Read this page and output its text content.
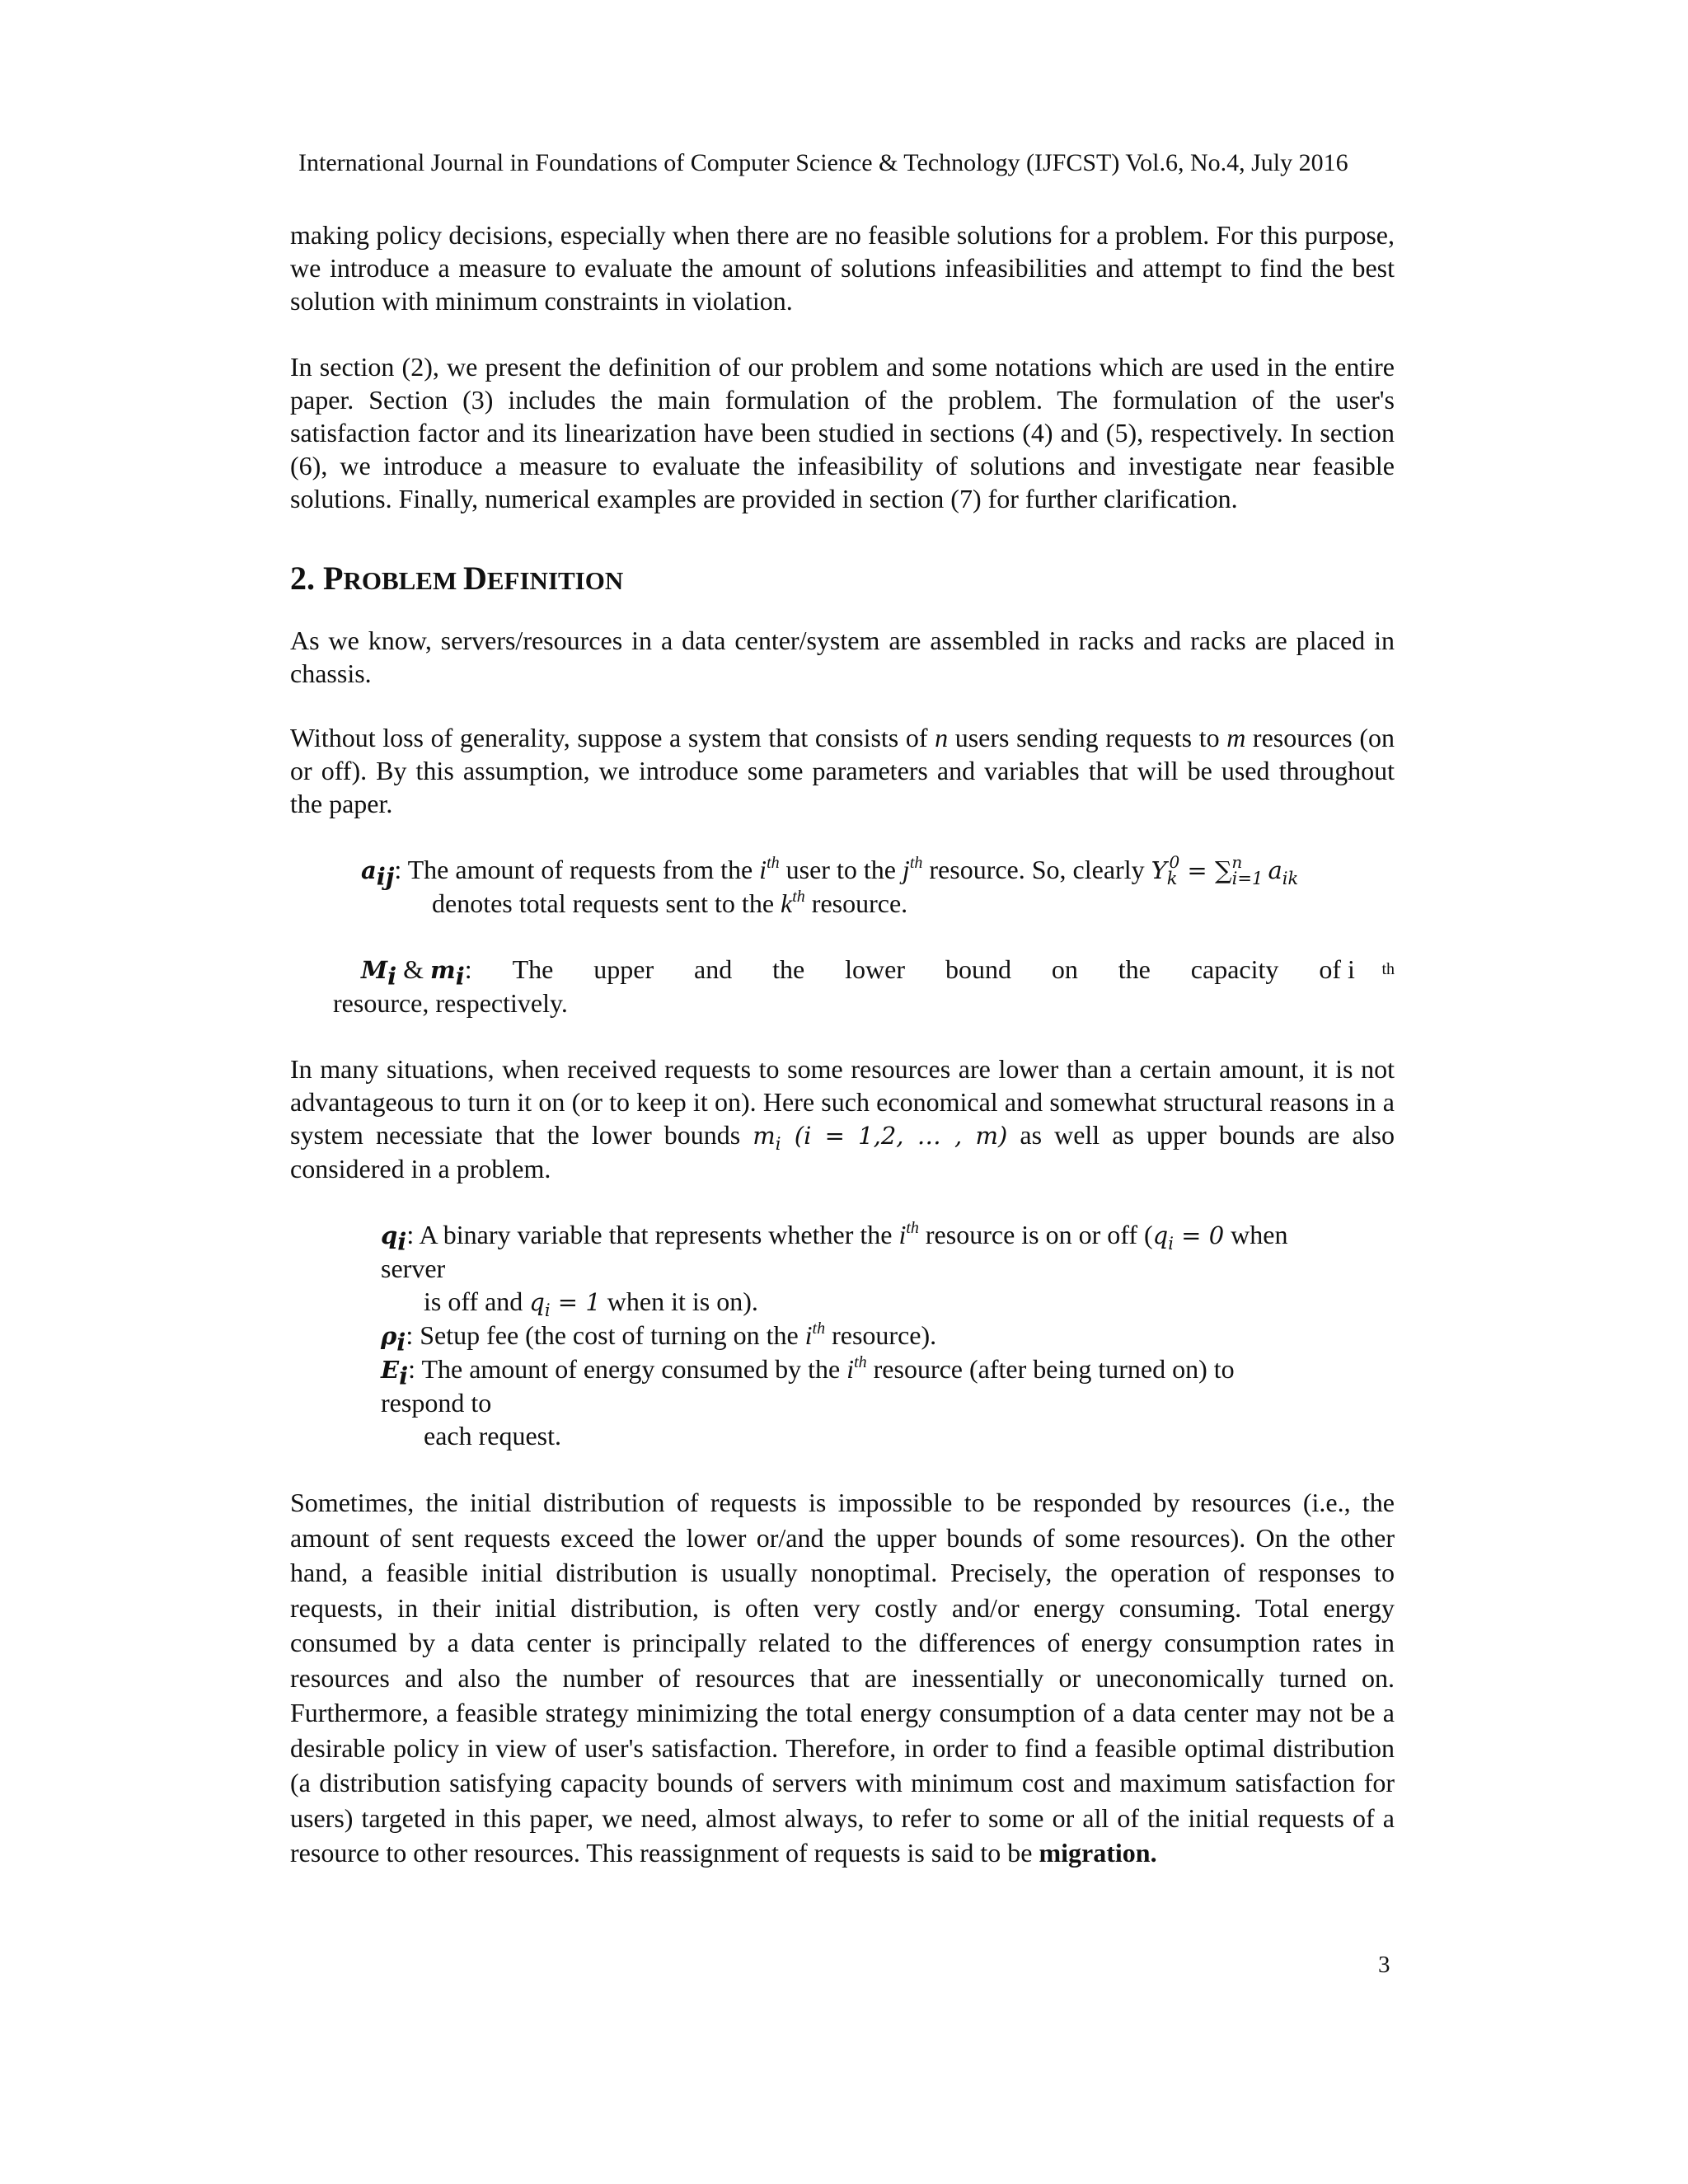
International Journal in Foundations of Computer Science & Technology (IJFCST) Vol.6, No.4, July 2016

making policy decisions, especially when there are no feasible solutions for a problem. For this purpose, we introduce a measure to evaluate the amount of solutions infeasibilities and attempt to find the best solution with minimum constraints in violation.

In section (2), we present the definition of our problem and some notations which are used in the entire paper. Section (3) includes the main formulation of the problem. The formulation of the user's satisfaction factor and its linearization have been studied in sections (4) and (5), respectively. In section (6), we introduce a measure to evaluate the infeasibility of solutions and investigate near feasible solutions. Finally, numerical examples are provided in section (7) for further clarification.

2. PROBLEM DEFINITION

As we know, servers/resources in a data center/system are assembled in racks and racks are placed in chassis.

Without loss of generality, suppose a system that consists of n users sending requests to m resources (on or off). By this assumption, we introduce some parameters and variables that will be used throughout the paper.

$a_{ij}$: The amount of requests from the $i^{th}$ user to the $j^{th}$ resource. So, clearly $Y_k^0 = \sum_{i=1}^n$ $a_{ik}$
denotes total requests sent to the $k^{th}$ resource.
$M_i$ & $m_i$: The upper and the lower bound on the capacity of i th
resource, respectively.

In many situations, when received requests to some resources are lower than a certain amount, it is not advantageous to turn it on (or to keep it on). Here such economical and somewhat structural reasons in a system necessiate that the lower bounds $m_i$ (i = 1,2, … , m) as well as upper bounds are also considered in a problem.

$q_i$: A binary variable that represents whether the $i^{th}$ resource is on or off ($q_i = 0$ when
server
is off and $q_i = 1$ when it is on).
$\rho_i$: Setup fee (the cost of turning on the $i^{th}$ resource).
$E_i$: The amount of energy consumed by the $i^{th}$ resource (after being turned on) to
respond to
each request.

Sometimes, the initial distribution of requests is impossible to be responded by resources (i.e., the amount of sent requests exceed the lower or/and the upper bounds of some resources). On the other hand, a feasible initial distribution is usually nonoptimal. Precisely, the operation of responses to requests, in their initial distribution, is often very costly and/or energy consuming. Total energy consumed by a data center is principally related to the differences of energy consumption rates in resources and also the number of resources that are inessentially or uneconomically turned on. Furthermore, a feasible strategy minimizing the total energy consumption of a data center may not be a desirable policy in view of user's satisfaction. Therefore, in order to find a feasible optimal distribution (a distribution satisfying capacity bounds of servers with minimum cost and maximum satisfaction for users) targeted in this paper, we need, almost always, to refer to some or all of the initial requests of a resource to other resources. This reassignment of requests is said to be migration.

3
